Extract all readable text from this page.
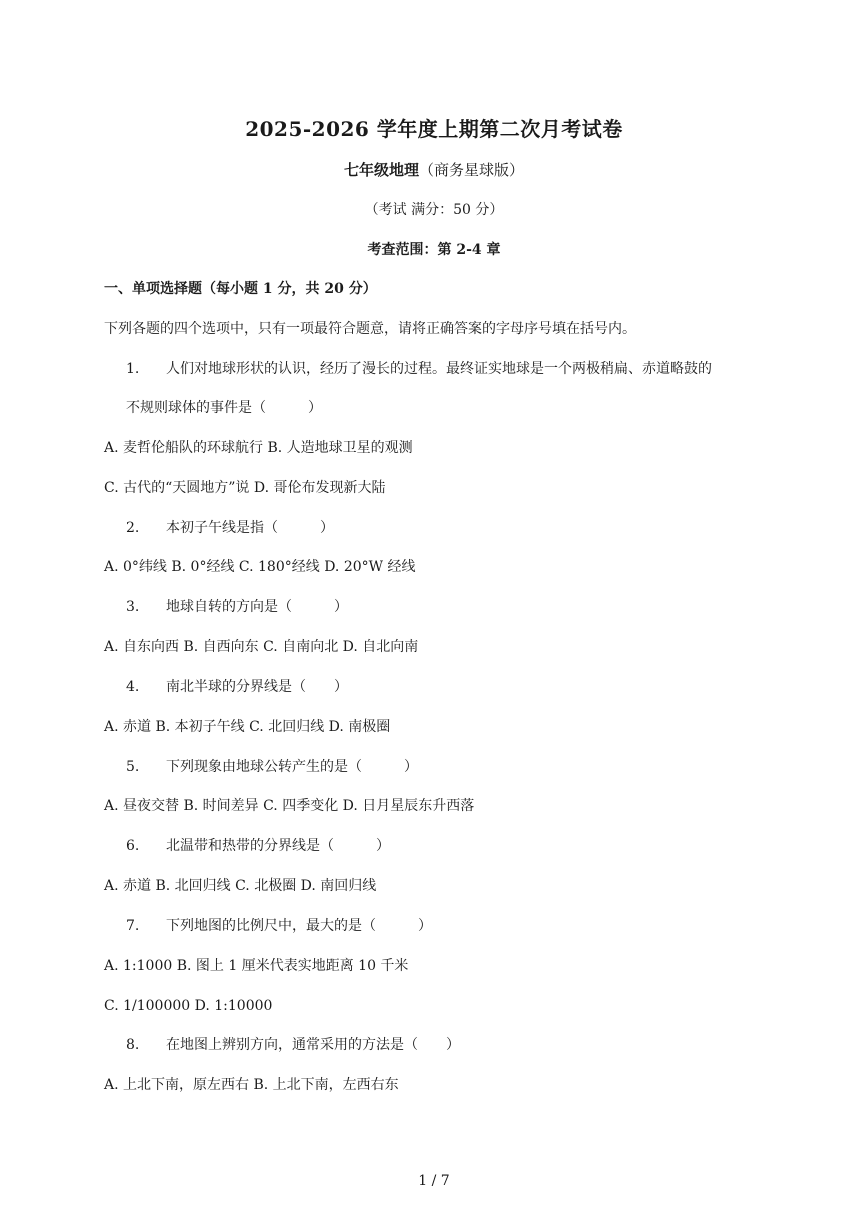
2025-2026 学年度上期第二次月考试卷
七年级地理（商务星球版）
（考试 满分：50 分）
考查范围：第 2-4 章
一、单项选择题（每小题 1 分，共 20 分）
下列各题的四个选项中，只有一项最符合题意，请将正确答案的字母序号填在括号内。
1. 人们对地球形状的认识，经历了漫长的过程。最终证实地球是一个两极稍扁、赤道略鼓的
不规则球体的事件是（　　　）
A. 麦哲伦船队的环球航行 B. 人造地球卫星的观测
C. 古代的“天圆地方”说 D. 哥伦布发现新大陆
2. 本初子午线是指（　　　）
A. 0°纬线 B. 0°经线 C. 180°经线 D. 20°W 经线
3. 地球自转的方向是（　　　）
A. 自东向西 B. 自西向东 C. 自南向北 D. 自北向南
4. 南北半球的分界线是（　　）
A. 赤道 B. 本初子午线 C. 北回归线 D. 南极圈
5. 下列现象由地球公转产生的是（　　　）
A. 昼夜交替 B. 时间差异 C. 四季变化 D. 日月星辰东升西落
6. 北温带和热带的分界线是（　　　）
A. 赤道 B. 北回归线 C. 北极圈 D. 南回归线
7. 下列地图的比例尺中，最大的是（　　　）
A. 1:1000 B. 图上 1 厘米代表实地距离 10 千米
C. 1/100000 D. 1:10000
8. 在地图上辨别方向，通常采用的方法是（　　）
A. 上北下南，原左西右 B. 上北下南，左西右东
1 / 7
